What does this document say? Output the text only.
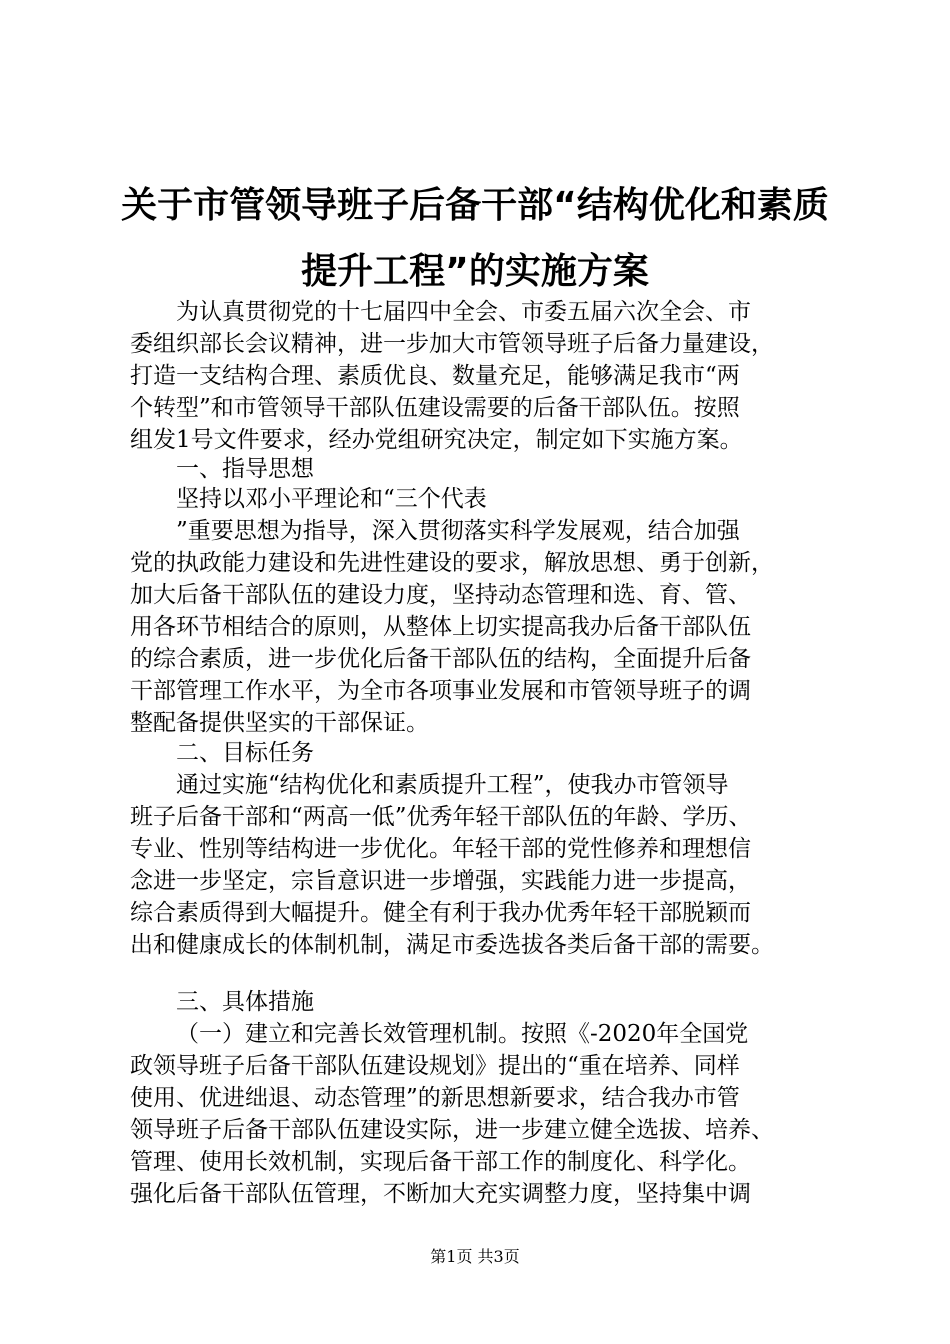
关于市管领导班子后备干部“结构优化和素质
提升工程”的实施方案
为认真贯彻党的十七届四中全会、市委五届六次全会、市
委组织部长会议精神，进一步加大市管领导班子后备力量建设，
打造一支结构合理、素质优良、数量充足，能够满足我市“两
个转型”和市管领导干部队伍建设需要的后备干部队伍。按照
组发1号文件要求，经办党组研究决定，制定如下实施方案。
一、指导思想
坚持以邓小平理论和“三个代表
”重要思想为指导，深入贯彻落实科学发展观，结合加强
党的执政能力建设和先进性建设的要求，解放思想、勇于创新，
加大后备干部队伍的建设力度，坚持动态管理和选、育、管、
用各环节相结合的原则，从整体上切实提高我办后备干部队伍
的综合素质，进一步优化后备干部队伍的结构，全面提升后备
干部管理工作水平，为全市各项事业发展和市管领导班子的调
整配备提供坚实的干部保证。
二、目标任务
通过实施“结构优化和素质提升工程”，使我办市管领导
班子后备干部和“两高一低”优秀年轻干部队伍的年龄、学历、
专业、性别等结构进一步优化。年轻干部的党性修养和理想信
念进一步坚定，宗旨意识进一步增强，实践能力进一步提高，
综合素质得到大幅提升。健全有利于我办优秀年轻干部脱颖而
出和健康成长的体制机制，满足市委选拔各类后备干部的需要。
三、具体措施
（一）建立和完善长效管理机制。按照《-2020年全国党
政领导班子后备干部队伍建设规划》提出的“重在培养、同样
使用、优进绌退、动态管理”的新思想新要求，结合我办市管
领导班子后备干部队伍建设实际，进一步建立健全选拔、培养、
管理、使用长效机制，实现后备干部工作的制度化、科学化。
强化后备干部队伍管理，不断加大充实调整力度，坚持集中调
第1页 共3页
